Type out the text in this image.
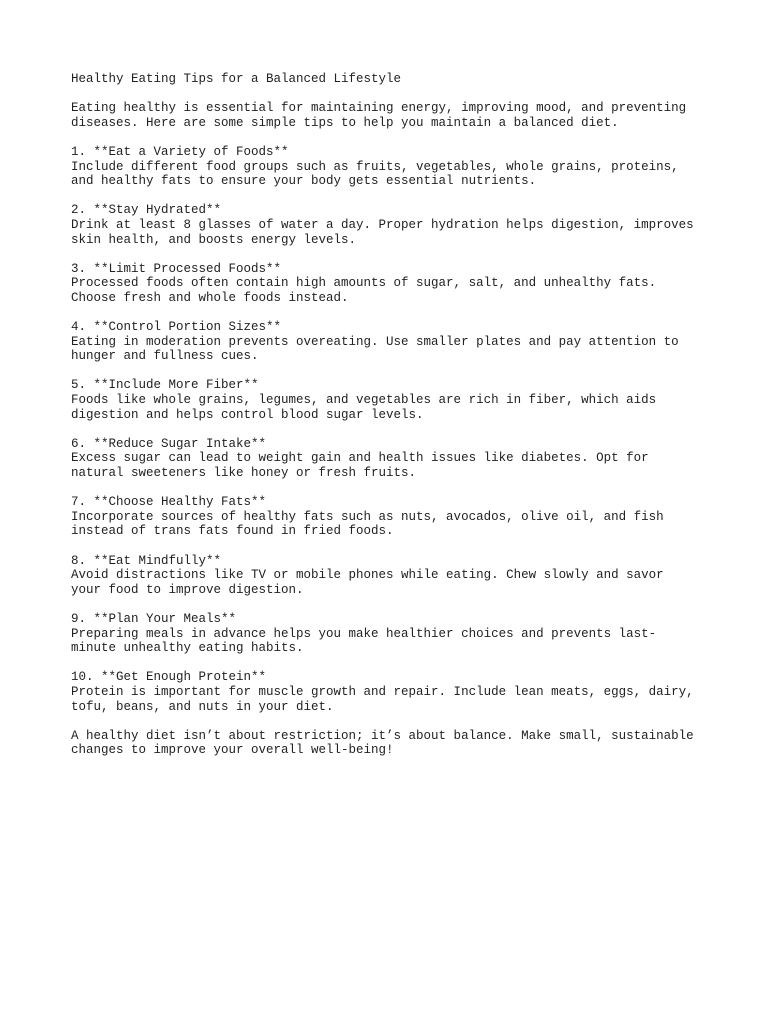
Healthy Eating Tips for a Balanced Lifestyle
Eating healthy is essential for maintaining energy, improving mood, and preventing
diseases. Here are some simple tips to help you maintain a balanced diet.
1. **Eat a Variety of Foods**
Include different food groups such as fruits, vegetables, whole grains, proteins,
and healthy fats to ensure your body gets essential nutrients.
2. **Stay Hydrated**
Drink at least 8 glasses of water a day. Proper hydration helps digestion, improves
skin health, and boosts energy levels.
3. **Limit Processed Foods**
Processed foods often contain high amounts of sugar, salt, and unhealthy fats.
Choose fresh and whole foods instead.
4. **Control Portion Sizes**
Eating in moderation prevents overeating. Use smaller plates and pay attention to
hunger and fullness cues.
5. **Include More Fiber**
Foods like whole grains, legumes, and vegetables are rich in fiber, which aids
digestion and helps control blood sugar levels.
6. **Reduce Sugar Intake**
Excess sugar can lead to weight gain and health issues like diabetes. Opt for
natural sweeteners like honey or fresh fruits.
7. **Choose Healthy Fats**
Incorporate sources of healthy fats such as nuts, avocados, olive oil, and fish
instead of trans fats found in fried foods.
8. **Eat Mindfully**
Avoid distractions like TV or mobile phones while eating. Chew slowly and savor
your food to improve digestion.
9. **Plan Your Meals**
Preparing meals in advance helps you make healthier choices and prevents last-
minute unhealthy eating habits.
10. **Get Enough Protein**
Protein is important for muscle growth and repair. Include lean meats, eggs, dairy,
tofu, beans, and nuts in your diet.
A healthy diet isn’t about restriction; it’s about balance. Make small, sustainable
changes to improve your overall well-being!
